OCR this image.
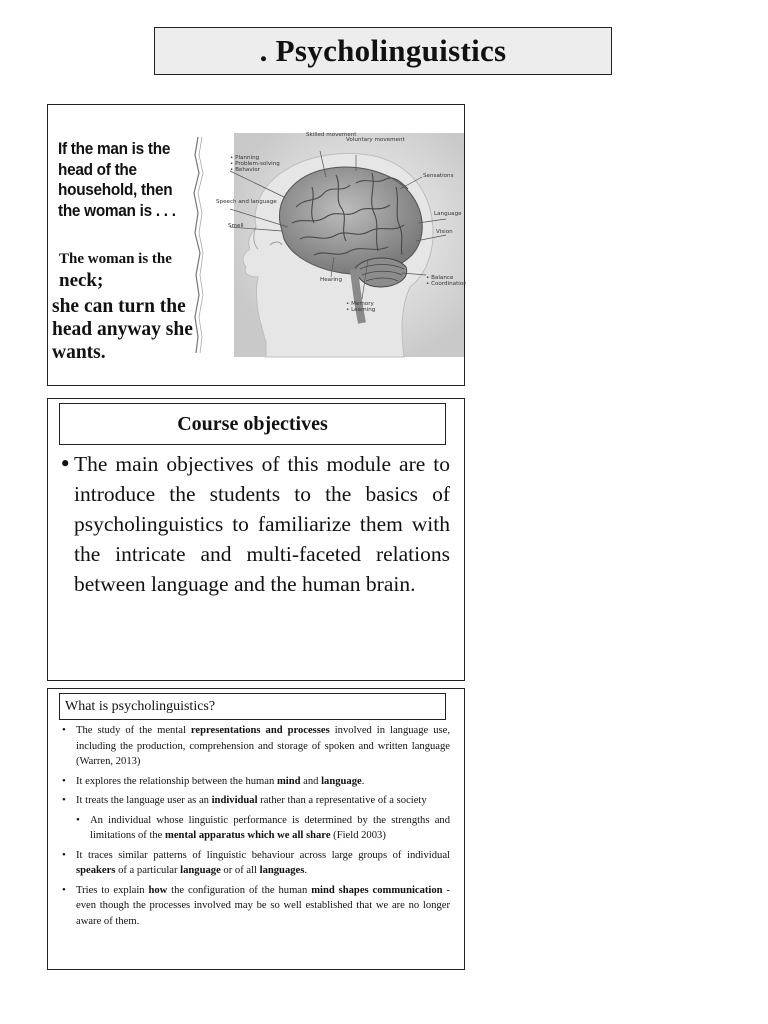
. Psycholinguistics
If the man is the head of the household, then the woman is . . .
The woman is the neck;
she can turn the head anyway she wants.
Skilled movement
Voluntary movement
• Planning
• Problem-solving
• Behavior
Speech and language
Smell
Sensations
Language
Vision
Hearing	• Balance
• Coordination
• Memory
• Learning
Course objectives
• The main objectives of this module are to introduce the students to the basics of psycholinguistics to familiarize them with the intricate and multi-faceted relations between language and the human brain.
What is psycholinguistics?
• The study of the mental representations and processes involved in language use, including the production, comprehension and storage of spoken and written language (Warren, 2013)
• It explores the relationship between the human mind and language.
• It treats the language user as an individual rather than a representative of a society
• An individual whose linguistic performance is determined by the strengths and limitations of the mental apparatus which we all share (Field 2003)
• It traces similar patterns of linguistic behaviour across large groups of individual speakers of a particular language or of all languages.
• Tries to explain how the configuration of the human mind shapes communication - even though the processes involved may be so well established that we are no longer aware of them.
